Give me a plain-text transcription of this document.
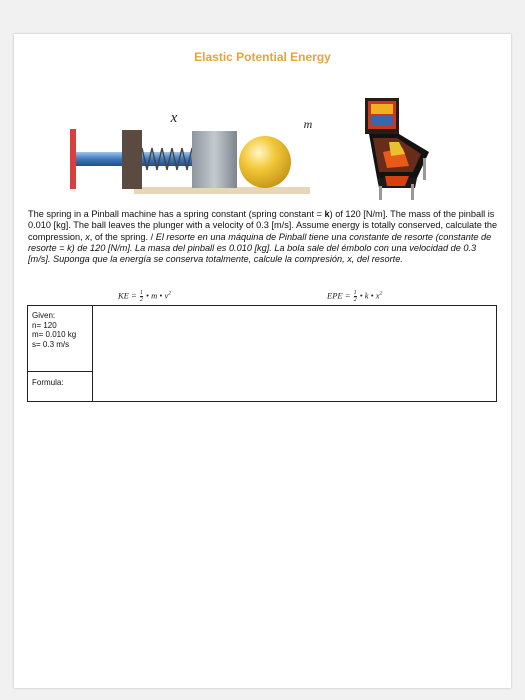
Elastic Potential Energy
x	m
The spring in a Pinball machine has a spring constant (spring constant = k) of 120 [N/m]. The mass of the pinball is 0.010 [kg]. The ball leaves the plunger with a velocity of 0.3 [m/s]. Assume energy is totally conserved, calculate the compression, x, of the spring. / El resorte en una máquina de Pinball tiene una constante de resorte (constante de resorte = k) de 120 [N/m]. La masa del pinball es 0.010 [kg]. La bola sale del émbolo con una velocidad de 0.3 [m/s]. Suponga que la energía se conserva totalmente, calcule la compresión, x, del resorte.
KE = $\frac{1}{2}$ • m • $v^2$	EPE = $\frac{1}{2}$ • k • $x^2$
Given:
n= 120
m= 0.010 kg
s= 0.3 m/s
Formula:
